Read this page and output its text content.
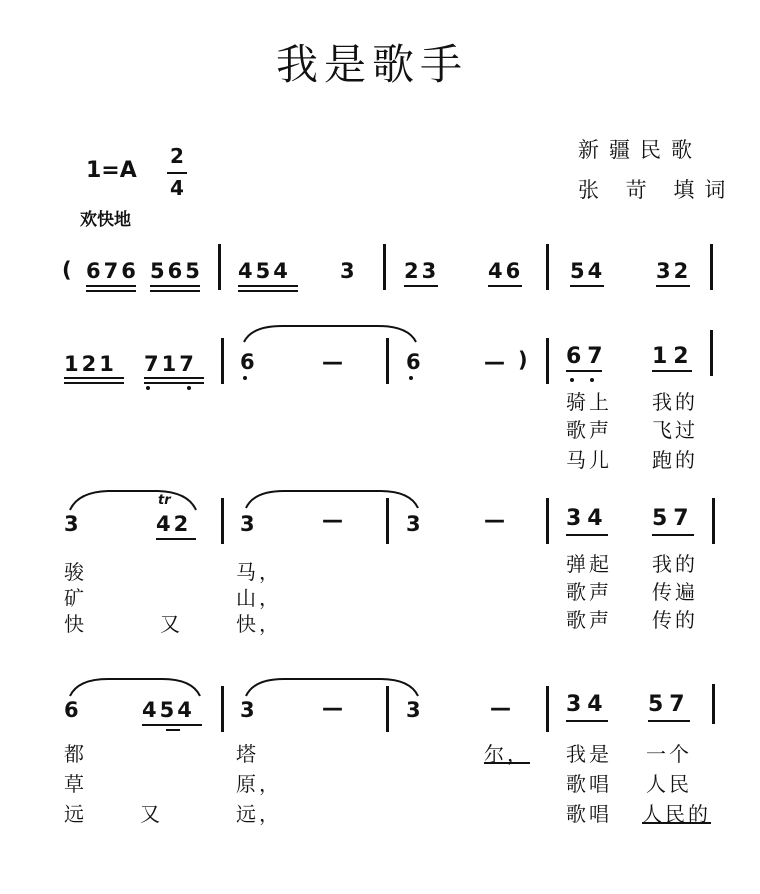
我是歌手
新疆民歌
张 苛 填词
1=A
2
4
欢快地
( 676 565 454 3 23 46 54 32
121 717 6	—	6	— ) 67 12
骑上 我的
歌声 飞过
马儿 跑的
3
tr
42 3	—	3	—	34 57
骏	马，	弹起 我的
矿	山，	歌声 传遍
快	又	快，	歌声 传的
6	454 3	—	3	— 34 57
都	塔	尔， 我是 一个
草	原，	歌唱 人民
远	又	远，	歌唱 人民的
